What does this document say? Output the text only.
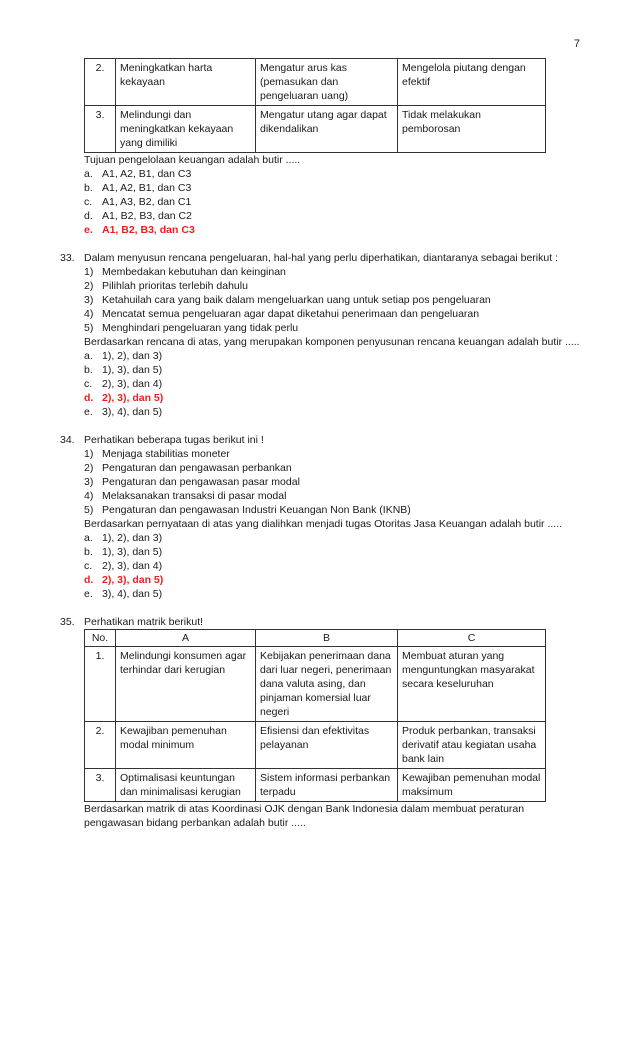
7
2.	Meningkatkan harta kekayaan	Mengatur arus kas (pemasukan dan pengeluaran uang)	Mengelola piutang dengan efektif
3.	Melindungi dan meningkatkan kekayaan yang dimiliki	Mengatur utang agar dapat dikendalikan	Tidak melakukan pemborosan
Tujuan pengelolaan keuangan adalah butir .....
a. A1, A2, B1, dan C3
b. A1, A2, B1, dan C3
c. A1, A3, B2, dan C1
d. A1, B2, B3, dan C2
e. A1, B2, B3, dan C3
33. Dalam menyusun rencana pengeluaran, hal-hal yang perlu diperhatikan, diantaranya sebagai berikut :
1) Membedakan kebutuhan dan keinginan
2) Pilihlah prioritas terlebih dahulu
3) Ketahuilah cara yang baik dalam mengeluarkan uang untuk setiap pos pengeluaran
4) Mencatat semua pengeluaran agar dapat diketahui penerimaan dan pengeluaran
5) Menghindari pengeluaran yang tidak perlu
Berdasarkan rencana di atas, yang merupakan komponen penyusunan rencana keuangan adalah butir .....
a. 1), 2), dan 3)
b. 1), 3), dan 5)
c. 2), 3), dan 4)
d. 2), 3), dan 5)
e. 3), 4), dan 5)
34. Perhatikan beberapa tugas berikut ini !
1) Menjaga stabilitias moneter
2) Pengaturan dan pengawasan perbankan
3) Pengaturan dan pengawasan pasar modal
4) Melaksanakan transaksi di pasar modal
5) Pengaturan dan pengawasan Industri Keuangan Non Bank (IKNB)
Berdasarkan pernyataan di atas yang dialihkan menjadi tugas Otoritas Jasa Keuangan adalah butir .....
a. 1), 2), dan 3)
b. 1), 3), dan 5)
c. 2), 3), dan 4)
d. 2), 3), dan 5)
e. 3), 4), dan 5)
35. Perhatikan matrik berikut!
No.	A	B	C
1.	Melindungi konsumen agar terhindar dari kerugian	Kebijakan penerimaan dana dari luar negeri, penerimaan dana valuta asing, dan pinjaman komersial luar negeri	Membuat aturan yang menguntungkan masyarakat secara keseluruhan
2.	Kewajiban pemenuhan modal minimum	Efisiensi dan efektivitas pelayanan	Produk perbankan, transaksi derivatif atau kegiatan usaha bank lain
3.	Optimalisasi keuntungan dan minimalisasi kerugian	Sistem informasi perbankan terpadu	Kewajiban pemenuhan modal maksimum
Berdasarkan matrik di atas Koordinasi OJK dengan Bank Indonesia dalam membuat peraturan pengawasan bidang perbankan adalah butir .....
